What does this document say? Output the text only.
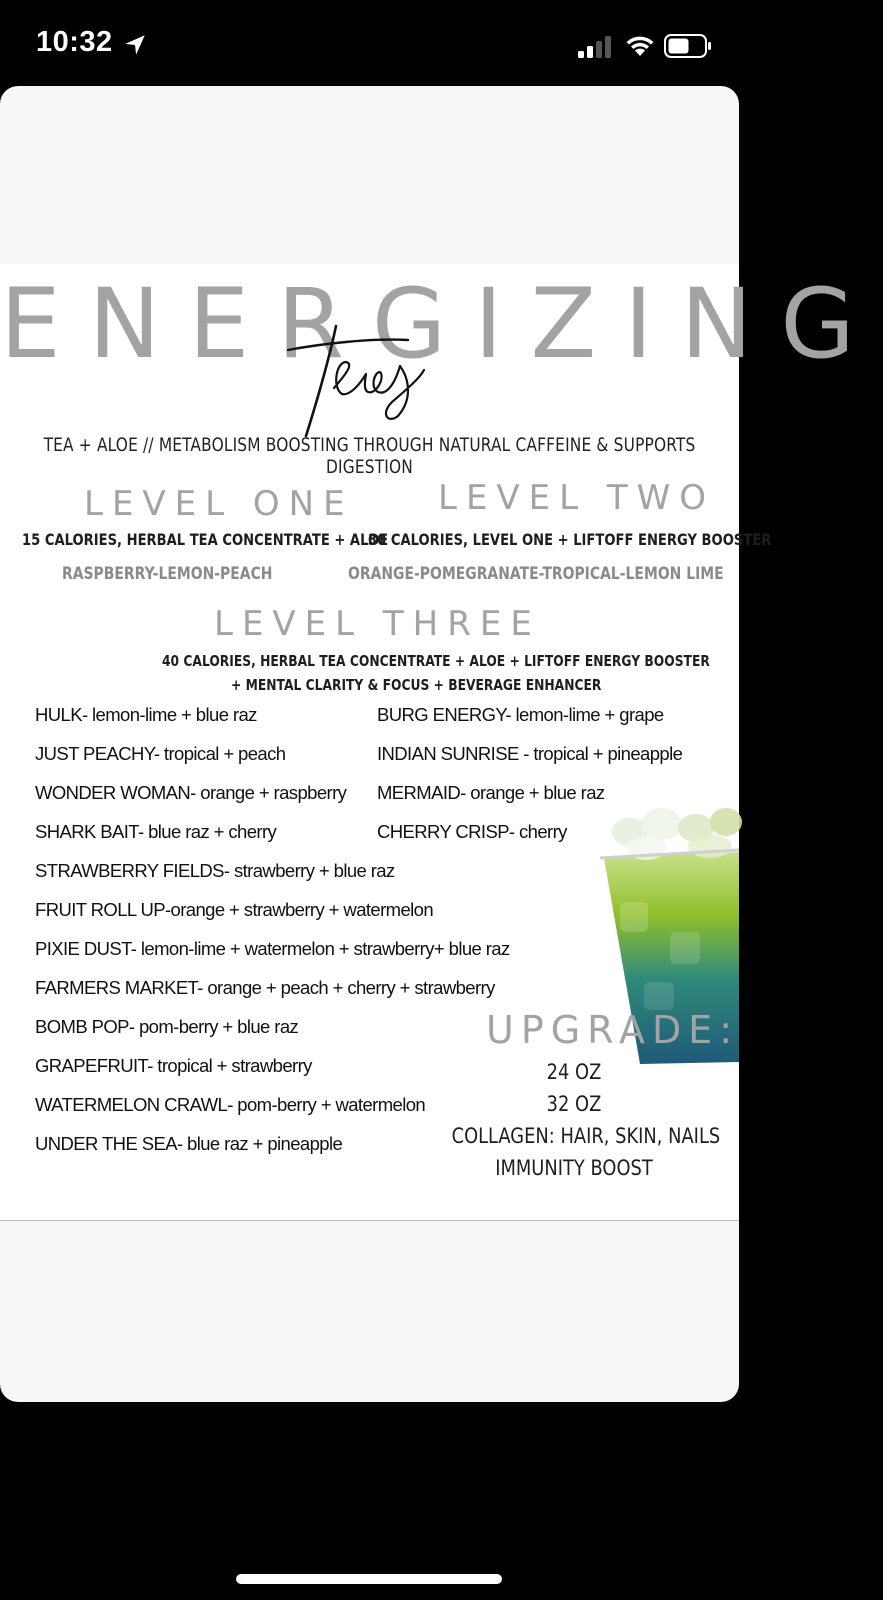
10:32
ENERGIZING
TEA + ALOE // METABOLISM BOOSTING THROUGH NATURAL CAFFEINE & SUPPORTS DIGESTION
LEVEL ONE
15 CALORIES, HERBAL TEA CONCENTRATE + ALOE
RASPBERRY-LEMON-PEACH
LEVEL TWO
30 CALORIES, LEVEL ONE + LIFTOFF ENERGY BOOSTER
ORANGE-POMEGRANATE-TROPICAL-LEMON LIME
LEVEL THREE
40 CALORIES, HERBAL TEA CONCENTRATE + ALOE + LIFTOFF ENERGY BOOSTER
+ MENTAL CLARITY & FOCUS + BEVERAGE ENHANCER
HULK- lemon-lime + blue raz
JUST PEACHY- tropical + peach
WONDER WOMAN- orange + raspberry
SHARK BAIT- blue raz + cherry
STRAWBERRY FIELDS- strawberry + blue raz
FRUIT ROLL UP-orange + strawberry + watermelon
PIXIE DUST- lemon-lime + watermelon + strawberry+ blue raz
FARMERS MARKET- orange + peach + cherry + strawberry
BOMB POP- pom-berry + blue raz
GRAPEFRUIT- tropical + strawberry
WATERMELON CRAWL- pom-berry + watermelon
UNDER THE SEA- blue raz + pineapple
BURG ENERGY- lemon-lime + grape
INDIAN SUNRISE - tropical + pineapple
MERMAID- orange + blue raz
CHERRY CRISP- cherry
UPGRADE:
24 OZ
32 OZ
COLLAGEN: HAIR, SKIN, NAILS
IMMUNITY BOOST
